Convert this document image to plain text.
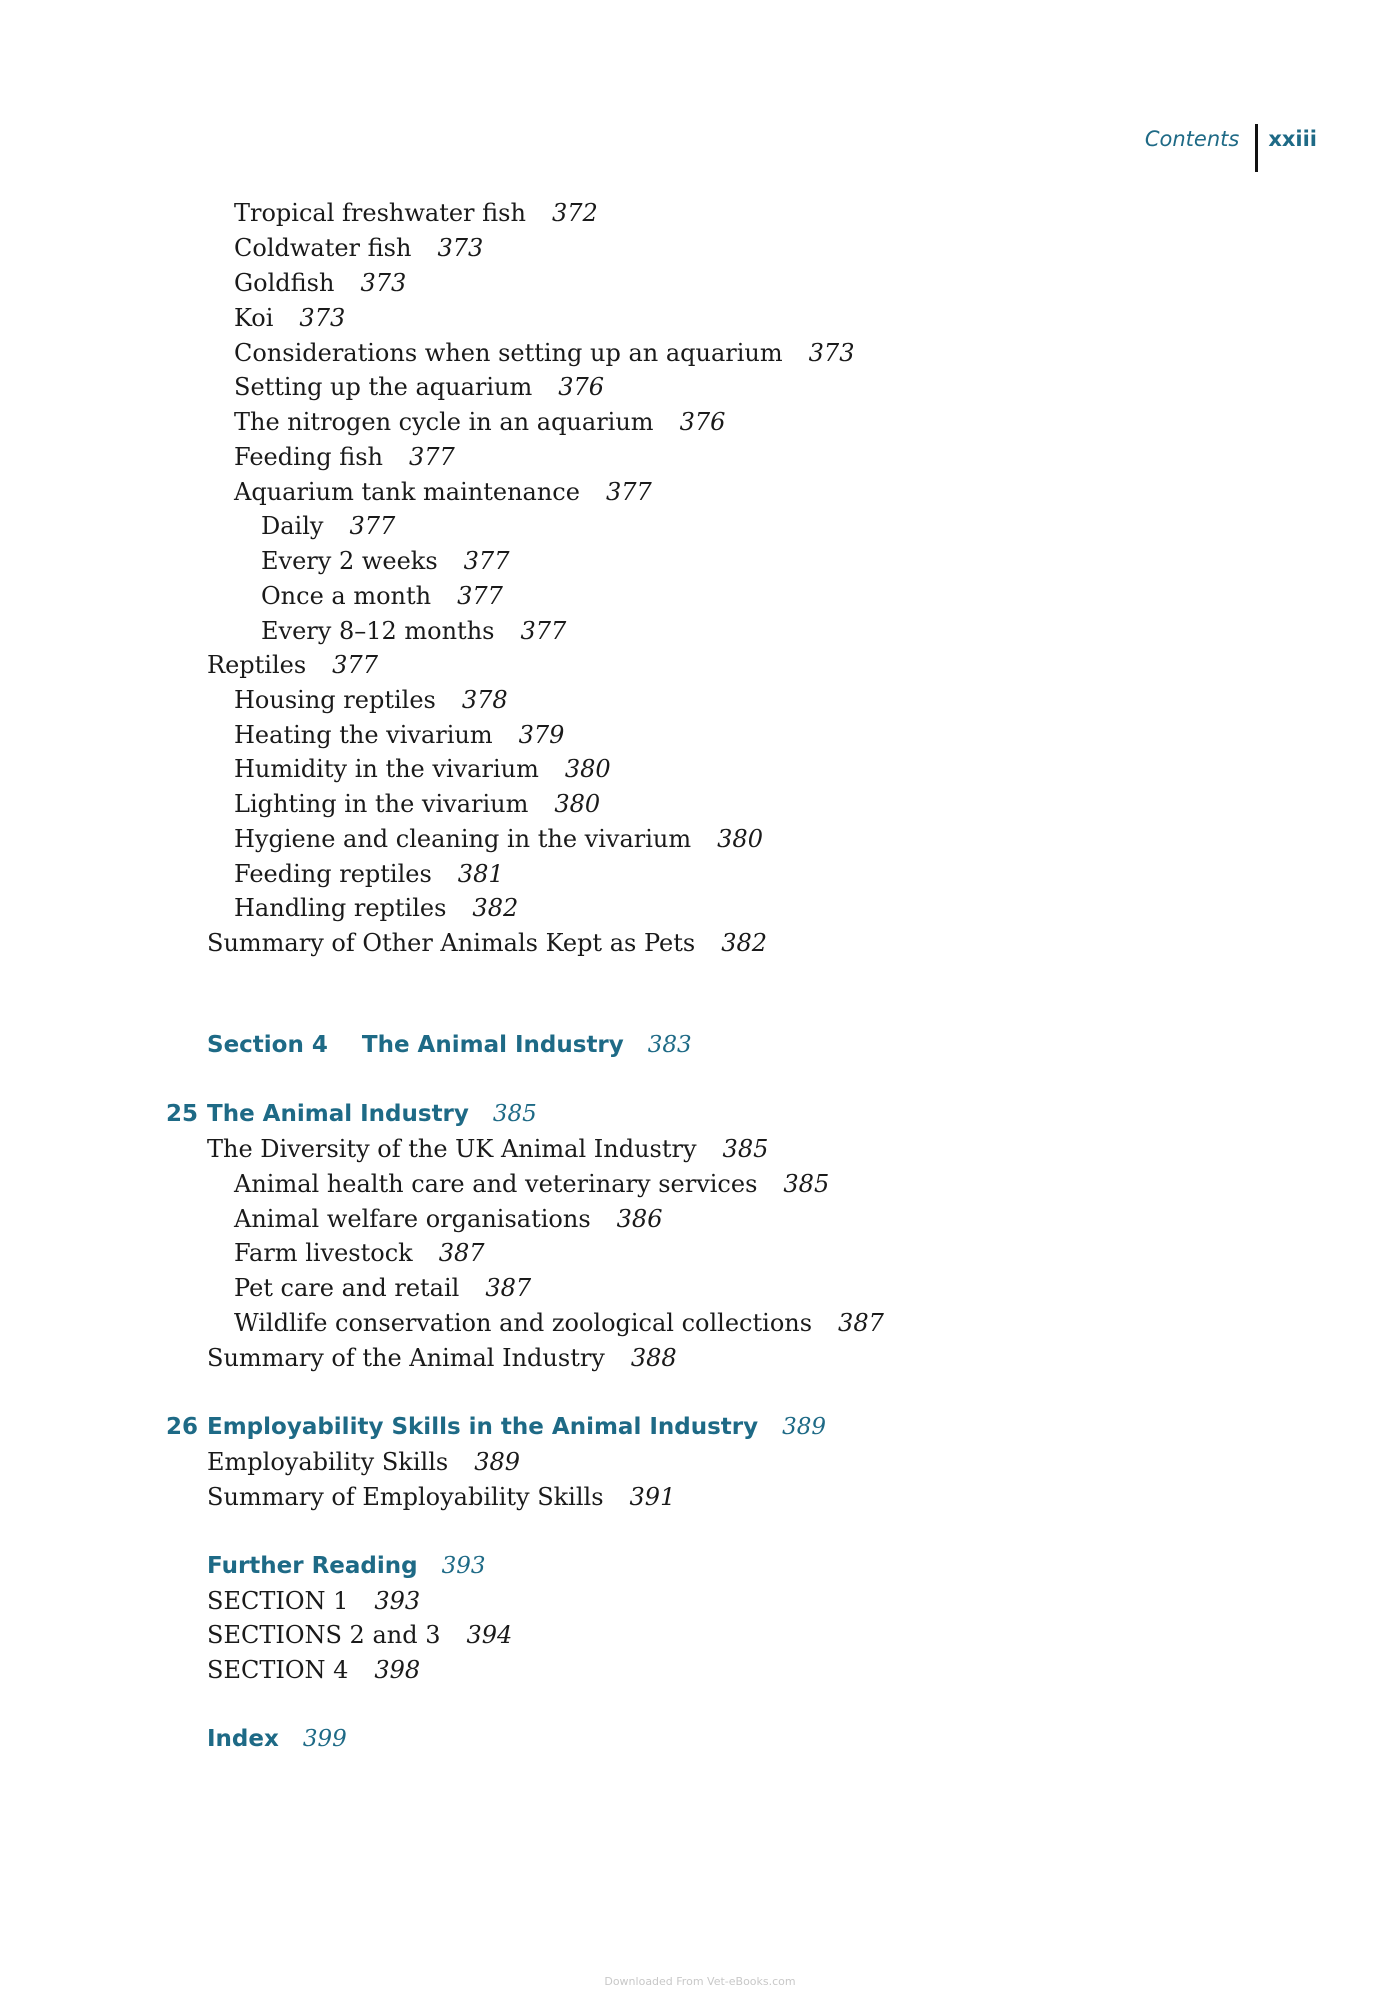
Contents	xxiii
Tropical freshwater fish 372
Coldwater fish 373
Goldfish 373
Koi 373
Considerations when setting up an aquarium 373
Setting up the aquarium 376
The nitrogen cycle in an aquarium 376
Feeding fish 377
Aquarium tank maintenance 377
Daily 377
Every 2 weeks 377
Once a month 377
Every 8–12 months 377
Reptiles 377
Housing reptiles 378
Heating the vivarium 379
Humidity in the vivarium 380
Lighting in the vivarium 380
Hygiene and cleaning in the vivarium 380
Feeding reptiles 381
Handling reptiles 382
Summary of Other Animals Kept as Pets 382
Section 4 The Animal Industry 383
25 The Animal Industry 385
The Diversity of the UK Animal Industry 385
Animal health care and veterinary services 385
Animal welfare organisations 386
Farm livestock 387
Pet care and retail 387
Wildlife conservation and zoological collections 387
Summary of the Animal Industry 388
26 Employability Skills in the Animal Industry 389
Employability Skills 389
Summary of Employability Skills 391
Further Reading 393
SECTION 1 393
SECTIONS 2 and 3 394
SECTION 4 398
Index 399
Downloaded From Vet-eBooks.com
